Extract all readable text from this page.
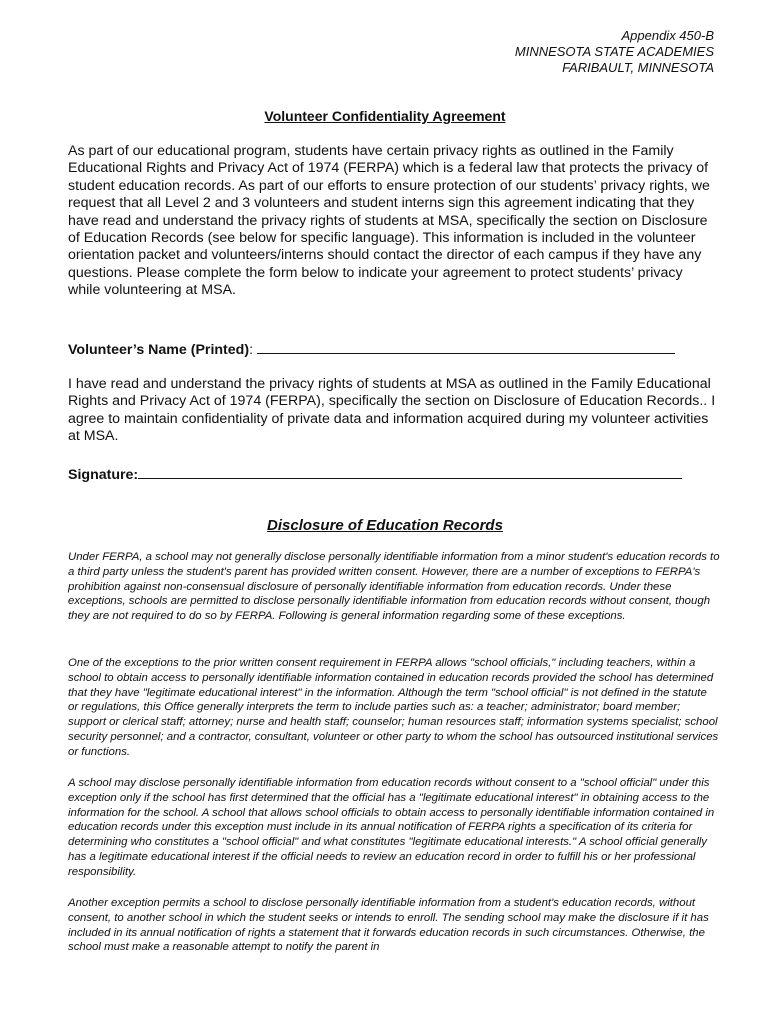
Appendix 450-B
MINNESOTA STATE ACADEMIES
FARIBAULT, MINNESOTA
Volunteer Confidentiality Agreement

As part of our educational program, students have certain privacy rights as outlined in the Family Educational Rights and Privacy Act of 1974 (FERPA) which is a federal law that protects the privacy of student education records. As part of our efforts to ensure protection of our students’ privacy rights, we request that all Level 2 and 3 volunteers and student interns sign this agreement indicating that they have read and understand the privacy rights of students at MSA, specifically the section on Disclosure of Education Records (see below for specific language). This information is included in the volunteer orientation packet and volunteers/interns should contact the director of each campus if they have any questions. Please complete the form below to indicate your agreement to protect students’ privacy while volunteering at MSA.

Volunteer’s Name (Printed):

I have read and understand the privacy rights of students at MSA as outlined in the Family Educational Rights and Privacy Act of 1974 (FERPA), specifically the section on Disclosure of Education Records.. I agree to maintain confidentiality of private data and information acquired during my volunteer activities at MSA.

Signature:
Disclosure of Education Records

Under FERPA, a school may not generally disclose personally identifiable information from a minor student's education records to a third party unless the student's parent has provided written consent. However, there are a number of exceptions to FERPA's prohibition against non-consensual disclosure of personally identifiable information from education records. Under these exceptions, schools are permitted to disclose personally identifiable information from education records without consent, though they are not required to do so by FERPA. Following is general information regarding some of these exceptions.

One of the exceptions to the prior written consent requirement in FERPA allows "school officials," including teachers, within a school to obtain access to personally identifiable information contained in education records provided the school has determined that they have "legitimate educational interest" in the information. Although the term "school official" is not defined in the statute or regulations, this Office generally interprets the term to include parties such as: a teacher; administrator; board member; support or clerical staff; attorney; nurse and health staff; counselor; human resources staff; information systems specialist; school security personnel; and a contractor, consultant, volunteer or other party to whom the school has outsourced institutional services or functions.

A school may disclose personally identifiable information from education records without consent to a "school official" under this exception only if the school has first determined that the official has a "legitimate educational interest" in obtaining access to the information for the school. A school that allows school officials to obtain access to personally identifiable information contained in education records under this exception must include in its annual notification of FERPA rights a specification of its criteria for determining who constitutes a "school official" and what constitutes "legitimate educational interests." A school official generally has a legitimate educational interest if the official needs to review an education record in order to fulfill his or her professional responsibility.

Another exception permits a school to disclose personally identifiable information from a student's education records, without consent, to another school in which the student seeks or intends to enroll. The sending school may make the disclosure if it has included in its annual notification of rights a statement that it forwards education records in such circumstances. Otherwise, the school must make a reasonable attempt to notify the parent in
